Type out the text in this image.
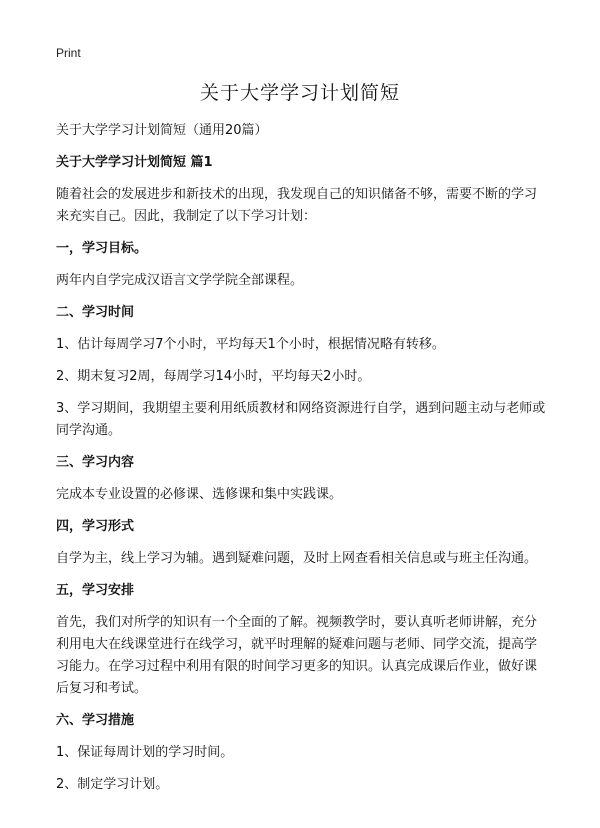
Print
关于大学学习计划简短

关于大学学习计划简短（通用20篇）

关于大学学习计划简短 篇1

随着社会的发展进步和新技术的出现，我发现自己的知识储备不够，需要不断的学习来充实自己。因此，我制定了以下学习计划：

一，学习目标。

两年内自学完成汉语言文学学院全部课程。

二、学习时间

1、估计每周学习7个小时，平均每天1个小时，根据情况略有转移。

2、期末复习2周，每周学习14小时，平均每天2小时。

3、学习期间，我期望主要利用纸质教材和网络资源进行自学，遇到问题主动与老师或同学沟通。

三、学习内容

完成本专业设置的必修课、选修课和集中实践课。

四，学习形式

自学为主，线上学习为辅。遇到疑难问题，及时上网查看相关信息或与班主任沟通。

五，学习安排

首先，我们对所学的知识有一个全面的了解。视频教学时，要认真听老师讲解，充分利用电大在线课堂进行在线学习，就平时理解的疑难问题与老师、同学交流，提高学习能力。在学习过程中利用有限的时间学习更多的知识。认真完成课后作业，做好课后复习和考试。

六、学习措施

1、保证每周计划的学习时间。

2、制定学习计划。
